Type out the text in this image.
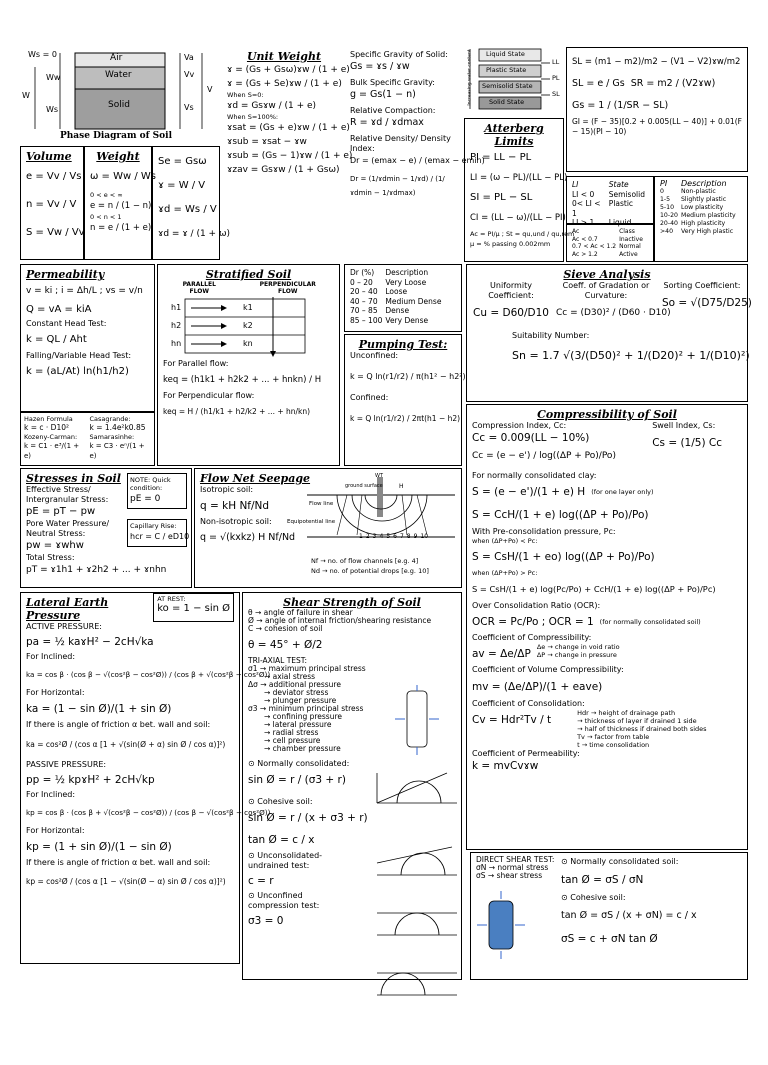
Air
Water
Solid
Ws = 0
Ww
W
Ws
Va
Vv
V
Vs
Phase Diagram of Soil
Unit Weight
ɤ = (Gs + Gsω)ɤw / (1 + e)
ɤ = (Gs + Se)ɤw / (1 + e)
When S=0:
ɤd = Gsɤw / (1 + e)
When S=100%:
ɤsat = (Gs + e)ɤw / (1 + e)
ɤsub = ɤsat − ɤw
ɤsub = (Gs − 1)ɤw / (1 + e)
ɤzav = Gsɤw / (1 + Gsω)
Specific Gravity of Solid:
Gs = ɤs / ɤw
Bulk Specific Gravity:
g = Gs(1 − n)
Relative Compaction:
R = ɤd / ɤdmax
Relative Density/ Density Index:
Dr = (emax − e) / (emax − emin)
Dr = (1/ɤdmin − 1/ɤd) / (1/ɤdmin − 1/ɤdmax)
Liquid State
Plastic State
Semisolid State
Solid State
LL
PL
SL
Increasing water content	SL = (m1 − m2)/m2 − (V1 − V2)ɤw/m2
SL = e / Gs SR = m2 / (V2ɤw)
Gs = 1 / (1/SR − SL)
GI = (F − 35)[0.2 + 0.005(LL − 40)] + 0.01(F − 15)(PI − 10)
Volume
e = Vv / Vs
n = Vv / V
S = Vw / Vv
Weight
ω = Ww / Ws
0 < e < ∞
e = n / (1 − n)
0 < n < 1
n = e / (1 + e)
Se = Gsω
ɤ = W / V
ɤd = Ws / V
ɤd = ɤ / (1 + ω)
Atterberg Limits
PI = LL − PL
LI = (ω − PL)/(LL − PL)
SI = PL − SL
CI = (LL − ω)/(LL − PI)
Ac = PI/μ ; St = qu,und / qu,rem
μ = % passing 0.002mm
LI	State
LI < 0	Semisolid
0< LI < 1	Plastic
LI > 1	Liquid
Ac	Class
Ac < 0.7	Inactive
0.7 < Ac < 1.2	Normal
Ac > 1.2	Active
PI	Description
0	Non-plastic
1-5	Slightly plastic
5-10	Low plasticity
10-20	Medium plasticity
20-40	High plasticity
>40	Very High plastic
Permeability
v = ki ; i = Δh/L ; vs = v/n
Q = vA = kiA
Constant Head Test:
k = QL / Aht
Falling/Variable Head Test:
k = (aL/At) ln(h1/h2)
Hazen Formula
k = c · D10²
Kozeny-Carman:
k = C1 · e³/(1 + e)
Casagrande:
k = 1.4e²k0.85
Samarasinhe:
k = C3 · eⁿ/(1 + e)
Stratified Soil
PARALLEL FLOW
PERPENDICULAR FLOW
h1
h2
hn
k1
k2
kn
For Parallel flow:
keq = (h1k1 + h2k2 + ... + hnkn) / H
For Perpendicular flow:
keq = H / (h1/k1 + h2/k2 + ... + hn/kn)
Dr (%)	Description
0 – 20	Very Loose
20 – 40	Loose
40 – 70	Medium Dense
70 – 85	Dense
85 – 100	Very Dense
Pumping Test:
Unconfined:
k = Q ln(r1/r2) / π(h1² − h2²)
Confined:
k = Q ln(r1/r2) / 2πt(h1 − h2)
Sieve Analysis
Uniformity Coefficient:
Cu = D60/D10
Coeff. of Gradation or Curvature:
Cc = (D30)² / (D60 · D10)
Sorting Coefficient:
So = √(D75/D25)
Suitability Number:
Sn = 1.7 √(3/(D50)² + 1/(D20)² + 1/(D10)²)
Stresses in Soil	NOTE: Quick condition:
pE = 0
Capillary Rise:
hcr = C / eD10
Effective Stress/ Intergranular Stress:
pE = pT − pw
Pore Water Pressure/ Neutral Stress:
pw = ɤwhw
Total Stress:
pT = ɤ1h1 + ɤ2h2 + ... + ɤnhn
Flow Net Seepage
Isotropic soil:
q = kH Nf/Nd
Non-isotropic soil:
q = √(kxkz) H Nf/Nd
Flow line
Equipotential line
ground surface
WT
H
1 2 3 4 5 6 7 8 9 10
Nf → no. of flow channels [e.g. 4]
Nd → no. of potential drops [e.g. 10]
Compressibility of Soil
Compression Index, Cc:
Cc = 0.009(LL − 10%)
Cc = (e − e') / log((ΔP + Po)/Po)
Swell Index, Cs:
Cs = (1/5) Cc
For normally consolidated clay:
S = (e − e')/(1 + e) H (for one layer only)
S = CcH/(1 + e) log((ΔP + Po)/Po)
With Pre-consolidation pressure, Pc:
when (ΔP+Po) < Pc:
S = CsH/(1 + eo) log((ΔP + Po)/Po)
when (ΔP+Po) > Pc:
S = CsH/(1 + e) log(Pc/Po) + CcH/(1 + e) log((ΔP + Po)/Pc)
Over Consolidation Ratio (OCR):
OCR = Pc/Po ; OCR = 1 (for normally consolidated soil)
Coefficient of Compressibility:
av = Δe/ΔP
Δe → change in void ratio
ΔP → change in pressure
Coefficient of Volume Compressibility:
mv = (Δe/ΔP)/(1 + eave)
Coefficient of Consolidation:
Cv = Hdr²Tv / t
Hdr → height of drainage path
→ thickness of layer if drained 1 side
→ half of thickness if drained both sides
Tv → factor from table
t → time consolidation
Coefficient of Permeability:
k = mvCvɤw
Lateral Earth Pressure
AT REST:
ko = 1 − sin Ø
ACTIVE PRESSURE:
pa = ½ kaɤH² − 2cH√ka
For Inclined:
ka = cos β · (cos β − √(cos²β − cos²Ø)) / (cos β + √(cos²β − cos²Ø))
For Horizontal:
ka = (1 − sin Ø)/(1 + sin Ø)
If there is angle of friction α bet. wall and soil:
ka = cos²Ø / (cos α [1 + √(sin(Ø + α) sin Ø / cos α)]²)
PASSIVE PRESSURE:
pp = ½ kpɤH² + 2cH√kp
For Inclined:
kp = cos β · (cos β + √(cos²β − cos²Ø)) / (cos β − √(cos²β − cos²Ø))
For Horizontal:
kp = (1 + sin Ø)/(1 − sin Ø)
If there is angle of friction α bet. wall and soil:
kp = cos²Ø / (cos α [1 − √(sin(Ø − α) sin Ø / cos α)]²)
Shear Strength of Soil
θ → angle of failure in shear
Ø → angle of internal friction/shearing resistance
C → cohesion of soil
θ = 45° + Ø/2
TRI-AXIAL TEST:
σ1 → maximum principal stress
→ axial stress
Δσ → additional pressure
→ deviator stress
→ plunger pressure
σ3 → minimum principal stress
→ confining pressure
→ lateral pressure
→ radial stress
→ cell pressure
→ chamber pressure
⊙ Normally consolidated:
sin Ø = r / (σ3 + r)
⊙ Cohesive soil:
sin Ø = r / (x + σ3 + r)
tan Ø = c / x
⊙ Unconsolidated-undrained test:
c = r
⊙ Unconfined compression test:
σ3 = 0
DIRECT SHEAR TEST:
σN → normal stress
σS → shear stress
⊙ Normally consolidated soil:
tan Ø = σS / σN
⊙ Cohesive soil:
tan Ø = σS / (x + σN) = c / x
σS = c + σN tan Ø
